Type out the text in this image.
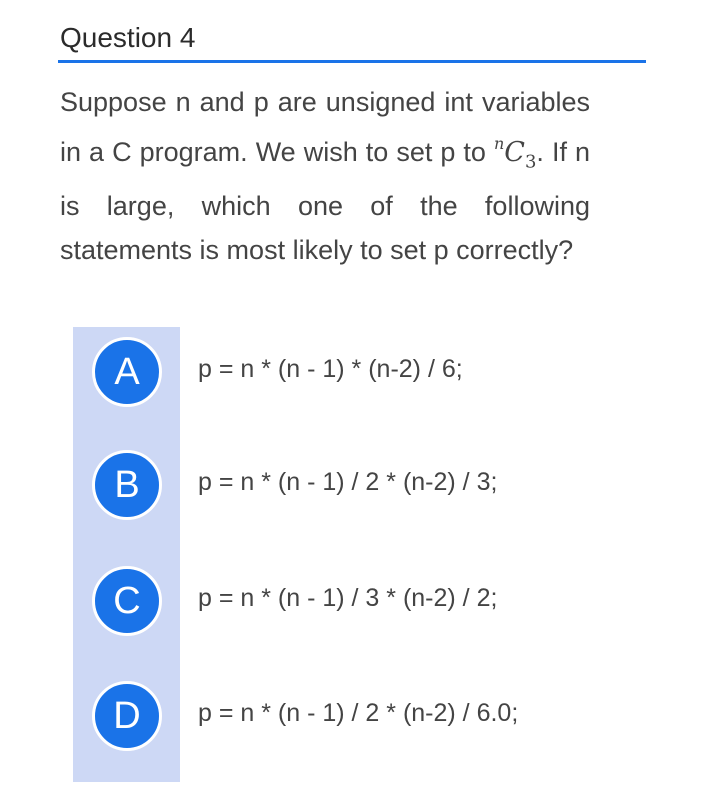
Question 4
Suppose n and p are unsigned int variables in a C program. We wish to set p to $^nC_3$. If n is large, which one of the following statements is most likely to set p correctly?
A	p = n * (n - 1) * (n-2) / 6;
B	p = n * (n - 1) / 2 * (n-2) / 3;
C	p = n * (n - 1) / 3 * (n-2) / 2;
D	p = n * (n - 1) / 2 * (n-2) / 6.0;
